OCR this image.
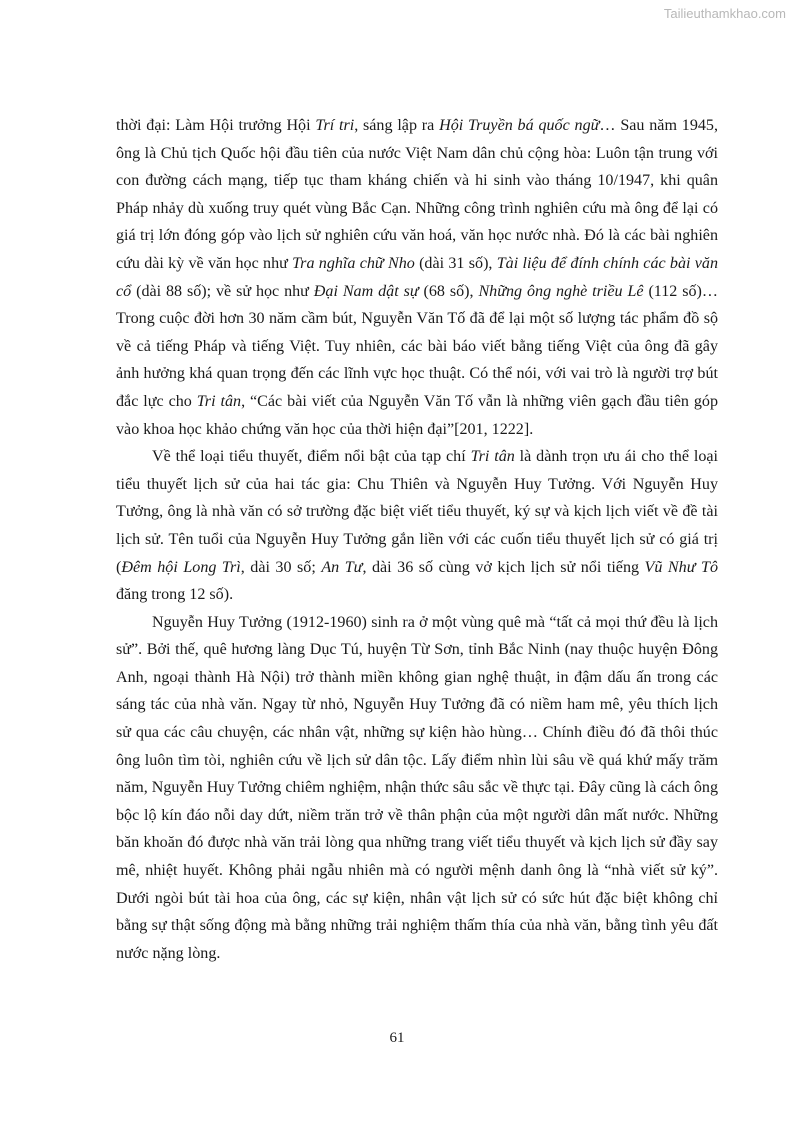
Tailieuthamkhao.com

thời đại: Làm Hội trưởng Hội Trí tri, sáng lập ra Hội Truyền bá quốc ngữ… Sau năm 1945, ông là Chủ tịch Quốc hội đầu tiên của nước Việt Nam dân chủ cộng hòa: Luôn tận trung với con đường cách mạng, tiếp tục tham kháng chiến và hi sinh vào tháng 10/1947, khi quân Pháp nhảy dù xuống truy quét vùng Bắc Cạn. Những công trình nghiên cứu mà ông để lại có giá trị lớn đóng góp vào lịch sử nghiên cứu văn hoá, văn học nước nhà. Đó là các bài nghiên cứu dài kỳ về văn học như Tra nghĩa chữ Nho (dài 31 số), Tài liệu để đính chính các bài văn cổ (dài 88 số); về sử học như Đại Nam dật sự (68 số), Những ông nghè triều Lê (112 số)… Trong cuộc đời hơn 30 năm cầm bút, Nguyễn Văn Tố đã để lại một số lượng tác phẩm đồ sộ về cả tiếng Pháp và tiếng Việt. Tuy nhiên, các bài báo viết bằng tiếng Việt của ông đã gây ảnh hưởng khá quan trọng đến các lĩnh vực học thuật. Có thể nói, với vai trò là người trợ bút đắc lực cho Tri tân, “Các bài viết của Nguyễn Văn Tố vẫn là những viên gạch đầu tiên góp vào khoa học khảo chứng văn học của thời hiện đại”[201, 1222].

Về thể loại tiểu thuyết, điểm nổi bật của tạp chí Tri tân là dành trọn ưu ái cho thể loại tiểu thuyết lịch sử của hai tác gia: Chu Thiên và Nguyễn Huy Tưởng. Với Nguyễn Huy Tưởng, ông là nhà văn có sở trường đặc biệt viết tiểu thuyết, ký sự và kịch lịch viết về đề tài lịch sử. Tên tuổi của Nguyễn Huy Tưởng gắn liền với các cuốn tiểu thuyết lịch sử có giá trị (Đêm hội Long Trì, dài 30 số; An Tư, dài 36 số cùng vở kịch lịch sử nổi tiếng Vũ Như Tô đăng trong 12 số).

Nguyễn Huy Tưởng (1912-1960) sinh ra ở một vùng quê mà “tất cả mọi thứ đều là lịch sử”. Bởi thế, quê hương làng Dục Tú, huyện Từ Sơn, tỉnh Bắc Ninh (nay thuộc huyện Đông Anh, ngoại thành Hà Nội) trở thành miền không gian nghệ thuật, in đậm dấu ấn trong các sáng tác của nhà văn. Ngay từ nhỏ, Nguyễn Huy Tưởng đã có niềm ham mê, yêu thích lịch sử qua các câu chuyện, các nhân vật, những sự kiện hào hùng… Chính điều đó đã thôi thúc ông luôn tìm tòi, nghiên cứu về lịch sử dân tộc. Lấy điểm nhìn lùi sâu về quá khứ mấy trăm năm, Nguyễn Huy Tưởng chiêm nghiệm, nhận thức sâu sắc về thực tại. Đây cũng là cách ông bộc lộ kín đáo nỗi day dứt, niềm trăn trở về thân phận của một người dân mất nước. Những băn khoăn đó được nhà văn trải lòng qua những trang viết tiểu thuyết và kịch lịch sử đầy say mê, nhiệt huyết. Không phải ngẫu nhiên mà có người mệnh danh ông là “nhà viết sử ký”. Dưới ngòi bút tài hoa của ông, các sự kiện, nhân vật lịch sử có sức hút đặc biệt không chỉ bằng sự thật sống động mà bằng những trải nghiệm thấm thía của nhà văn, bằng tình yêu đất nước nặng lòng.

61
